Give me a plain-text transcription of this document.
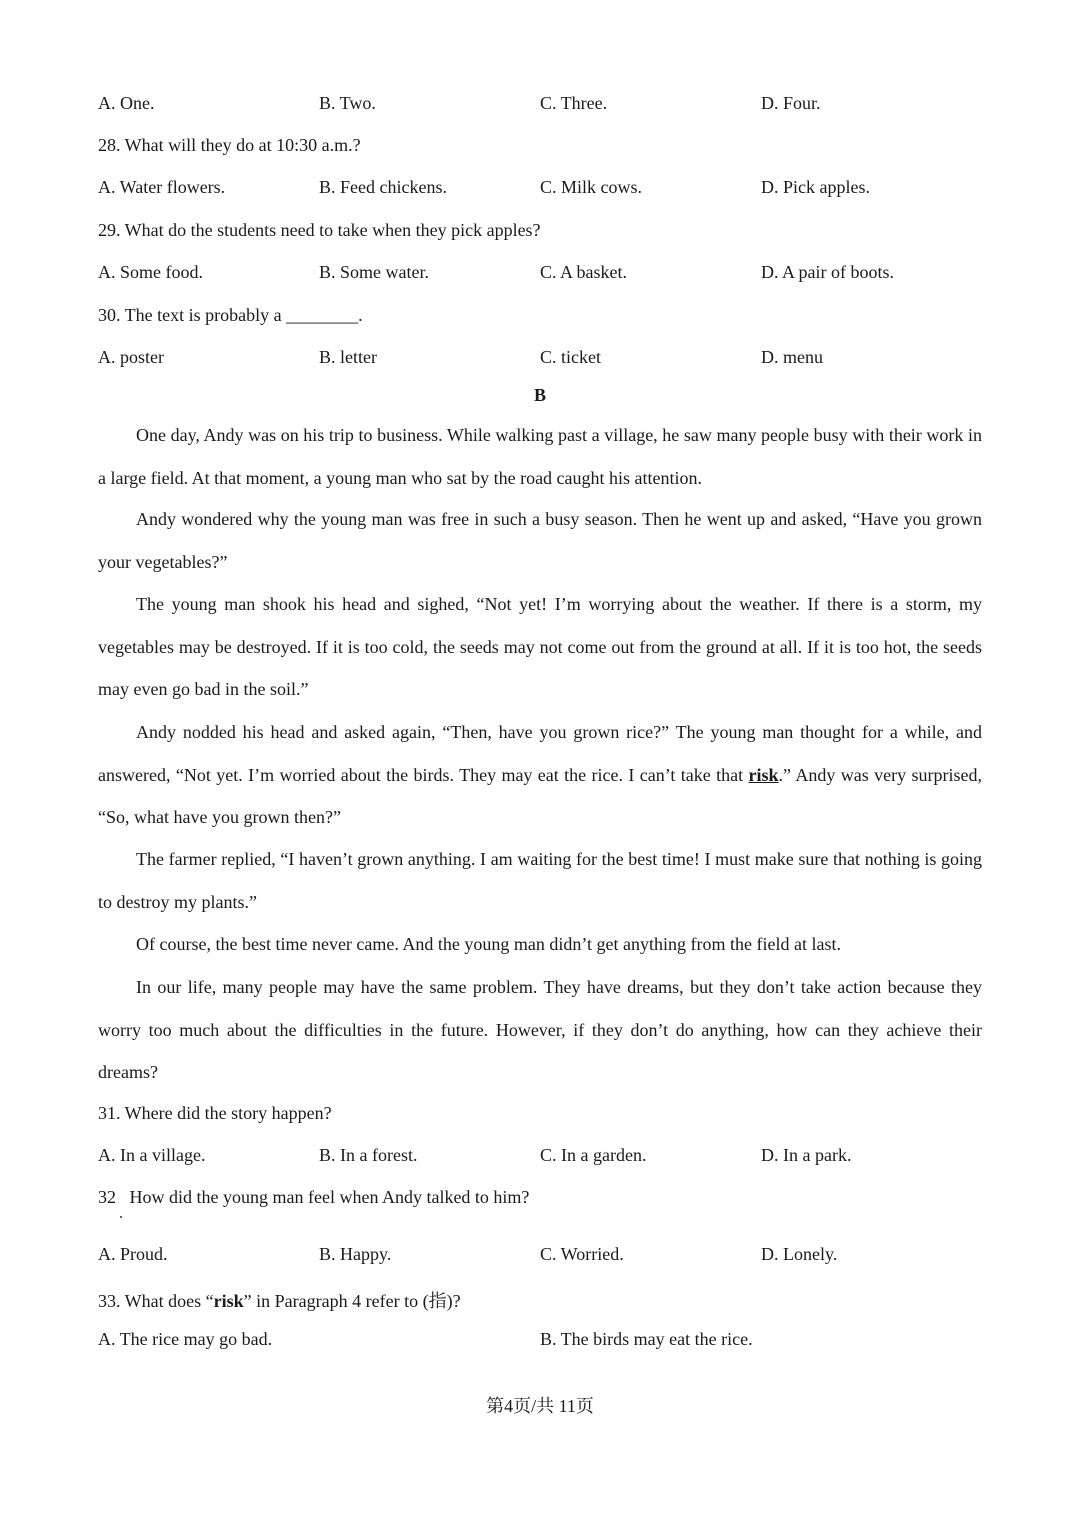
A. One.	B. Two.	C. Three.	D. Four.
28. What will they do at 10:30 a.m.?
A. Water flowers.	B. Feed chickens.	C. Milk cows.	D. Pick apples.
29. What do the students need to take when they pick apples?
A. Some food.	B. Some water.	C. A basket.	D. A pair of boots.
30. The text is probably a ________.
A. poster	B. letter	C. ticket	D. menu
B
One day, Andy was on his trip to business. While walking past a village, he saw many people busy with their work in a large field. At that moment, a young man who sat by the road caught his attention.
Andy wondered why the young man was free in such a busy season. Then he went up and asked, “Have you grown your vegetables?”
The young man shook his head and sighed, “Not yet! I’m worrying about the weather. If there is a storm, my vegetables may be destroyed. If it is too cold, the seeds may not come out from the ground at all. If it is too hot, the seeds may even go bad in the soil.”
Andy nodded his head and asked again, “Then, have you grown rice?” The young man thought for a while, and answered, “Not yet. I’m worried about the birds. They may eat the rice. I can’t take that risk.” Andy was very surprised, “So, what have you grown then?”
The farmer replied, “I haven’t grown anything. I am waiting for the best time! I must make sure that nothing is going to destroy my plants.”
Of course, the best time never came. And the young man didn’t get anything from the field at last.
In our life, many people may have the same problem. They have dreams, but they don’t take action because they worry too much about the difficulties in the future. However, if they don’t do anything, how can they achieve their dreams?
31. Where did the story happen?
A. In a village.	B. In a forest.	C. In a garden.	D. In a park.
32   How did the young man feel when Andy talked to him?
A. Proud.	B. Happy.	C. Worried.	D. Lonely.
33. What does “risk” in Paragraph 4 refer to (指)?
A. The rice may go bad.	B. The birds may eat the rice.
第4页/共 11页
